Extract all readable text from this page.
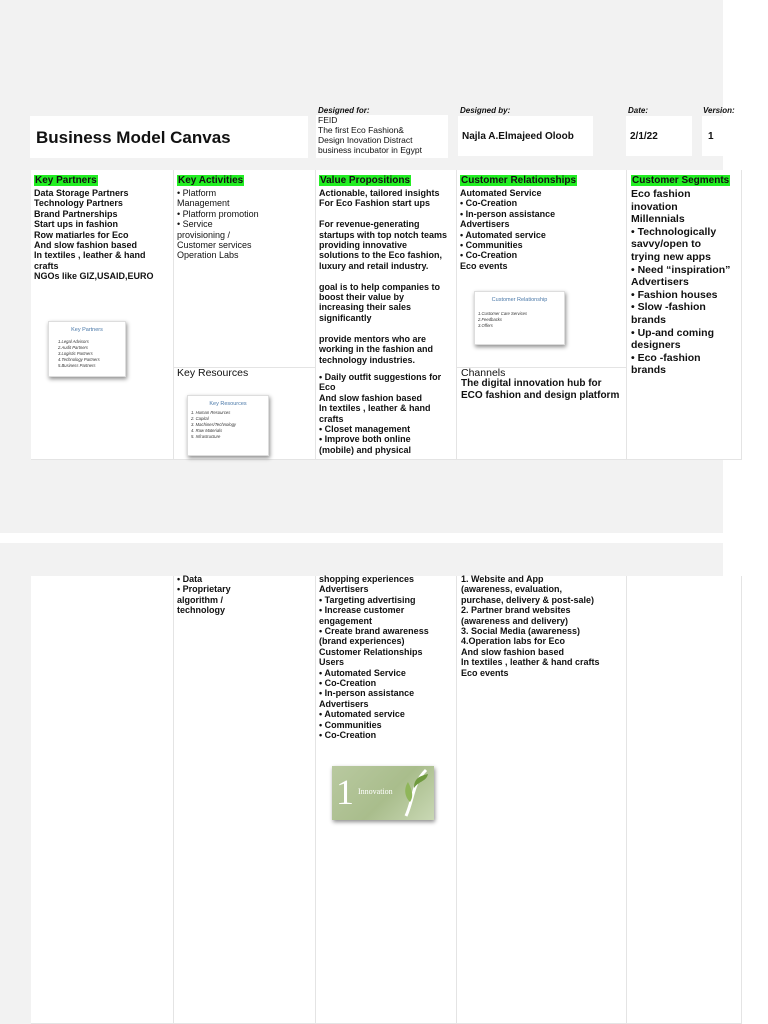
Business Model Canvas
Designed for:
FEID
The first Eco Fashion&
Design Inovation Distract
business incubator in Egypt
Designed by:
Najla A.Elmajeed Oloob
Date:
2/1/22
Version:
1
Key Partners
Data Storage Partners
Technology Partners
Brand Partnerships
Start ups in fashion
Row matiarles for Eco
And slow fashion based
In textiles , leather & hand crafts
NGOs like GIZ,USAID,EURO
Key Partners
1.Legal Advisors
2.Audit Partners
3.Logistic Partners
4.Technology Partners
5.Business Partners
Key Activities
• Platform
Management
• Platform promotion
• Service
provisioning /
Customer services
Operation Labs
Key Resources
Key Resources
1. Human Resources
2. Capital
3. Machines/Technology
4. Raw Materials
5. Infrastructure
Value Propositions
Actionable, tailored insights
For Eco Fashion start ups

For revenue-generating
startups with top notch teams
providing innovative
solutions to the Eco fashion,
luxury and retail industry.

goal is to help companies to
boost their value by
increasing their sales
significantly

provide mentors who are
working in the fashion and
technology industries.
• Daily outfit suggestions for
Eco
And slow fashion based
In textiles , leather & hand
crafts
• Closet management
• Improve both online
(mobile) and physical
Customer Relationships
Automated Service
• Co-Creation
• In-person assistance
Advertisers
• Automated service
• Communities
• Co-Creation
Eco events
Customer Relationship
1.Customer Care Services
2.Feedbacks
3.Offers
Channels
The digital innovation hub for
ECO fashion and design platform
Customer Segments
Eco fashion
inovation
Millennials
• Technologically
savvy/open to
trying new apps
• Need “inspiration”
Advertisers
• Fashion houses
• Slow -fashion
brands
• Up-and coming
designers
• Eco -fashion
brands
• Data
• Proprietary
algorithm /
technology
shopping experiences
Advertisers
• Targeting advertising
• Increase customer
engagement
• Create brand awareness
(brand experiences)
Customer Relationships
Users
• Automated Service
• Co-Creation
• In-person assistance
Advertisers
• Automated service
• Communities
• Co-Creation
1 Innovation
1. Website and App
(awareness, evaluation,
purchase, delivery & post-sale)
2. Partner brand websites
(awareness and delivery)
3. Social Media (awareness)
4.Operation labs for Eco
And slow fashion based
In textiles , leather & hand crafts
Eco events
